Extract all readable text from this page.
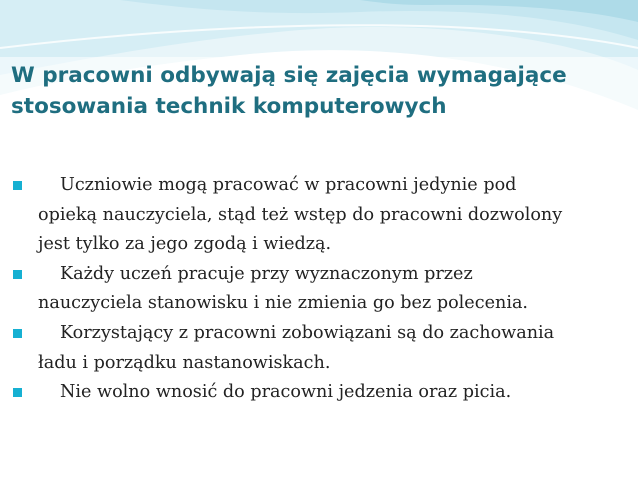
W pracowni odbywają się zajęcia wymagające
stosowania technik komputerowych
Uczniowie mogą pracować w pracowni jedynie pod
opieką nauczyciela, stąd też wstęp do pracowni dozwolony
jest tylko za jego zgodą i wiedzą.
Każdy uczeń pracuje przy wyznaczonym przez
nauczyciela stanowisku i nie zmienia go bez polecenia.
Korzystający z pracowni zobowiązani są do zachowania
ładu i porządku nastanowiskach.
Nie wolno wnosić do pracowni jedzenia oraz picia.
